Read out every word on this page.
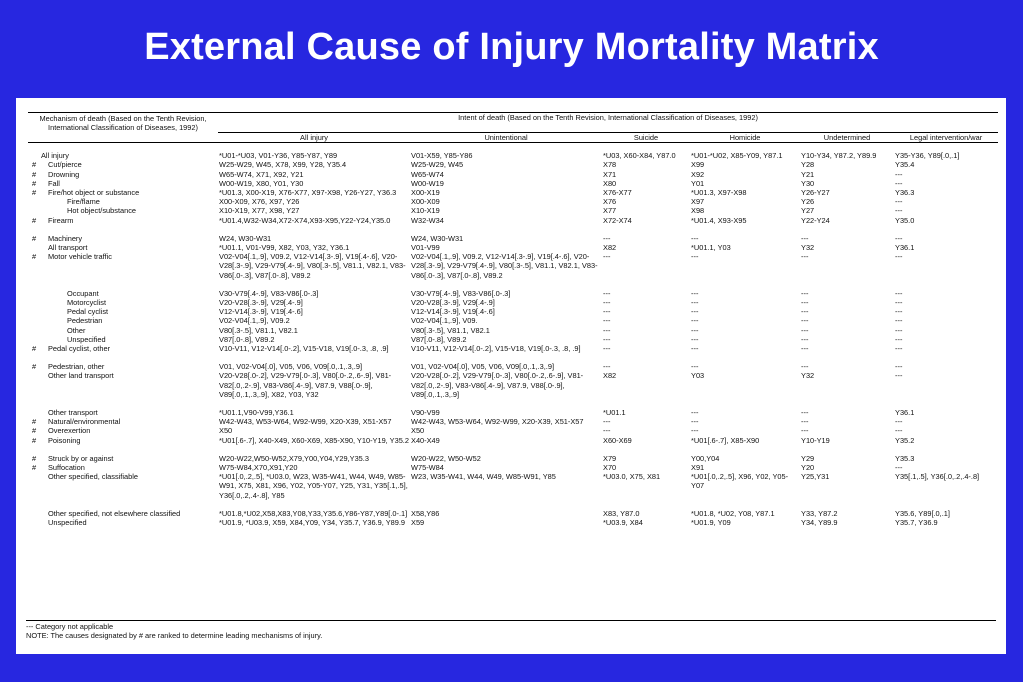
External Cause of Injury Mortality Matrix
Mechanism of death (Based on the Tenth Revision, International Classification of Diseases, 1992)		Intent of death (Based on the Tenth Revision, International Classification of Diseases, 1992)					
		All injury	Unintentional	Suicide	Homicide	Undetermined	Legal intervention/war
	All injury	*U01-*U03, V01-Y36, Y85-Y87, Y89	V01-X59, Y85-Y86	*U03, X60-X84, Y87.0	*U01-*U02, X85-Y09, Y87.1	Y10-Y34, Y87.2, Y89.9	Y35-Y36, Y89[.0,.1]
#	Cut/pierce	W25-W29, W45, X78, X99, Y28, Y35.4	W25-W29, W45	X78	X99	Y28	Y35.4
#	Drowning	W65-W74, X71, X92, Y21	W65-W74	X71	X92	Y21	---
#	Fall	W00-W19, X80, Y01, Y30	W00-W19	X80	Y01	Y30	---
#	Fire/hot object or substance	*U01.3, X00-X19, X76-X77, X97-X98, Y26-Y27, Y36.3	X00-X19	X76-X77	*U01.3, X97-X98	Y26-Y27	Y36.3
	Fire/flame	X00-X09, X76, X97, Y26	X00-X09	X76	X97	Y26	---
	Hot object/substance	X10-X19, X77, X98, Y27	X10-X19	X77	X98	Y27	---
#	Firearm	*U01.4,W32-W34,X72-X74,X93-X95,Y22-Y24,Y35.0	W32-W34	X72-X74	*U01.4, X93-X95	Y22-Y24	Y35.0

#	Machinery	W24, W30-W31	W24, W30-W31	---	---	---	---
	All transport	*U01.1, V01-V99, X82, Y03, Y32, Y36.1	V01-V99	X82	*U01.1, Y03	Y32	Y36.1
#	Motor vehicle traffic	V02-V04[.1,.9], V09.2, V12-V14[.3-.9], V19[.4-.6], V20-V28[.3-.9], V29-V79[.4-.9], V80[.3-.5], V81.1, V82.1, V83-V86[.0-.3], V87[.0-.8], V89.2	V02-V04[.1,.9], V09.2, V12-V14[.3-.9], V19[.4-.6], V20-V28[.3-.9], V29-V79[.4-.9], V80[.3-.5], V81.1, V82.1, V83-V86[.0-.3], V87[.0-.8], V89.2	---	---	---	---

	Occupant	V30-V79[.4-.9], V83-V86[.0-.3]	V30-V79[.4-.9], V83-V86[.0-.3]	---	---	---	---
	Motorcyclist	V20-V28[.3-.9], V29[.4-.9]	V20-V28[.3-.9], V29[.4-.9]	---	---	---	---
	Pedal cyclist	V12-V14[.3-.9], V19[.4-.6]	V12-V14[.3-.9], V19[.4-.6]	---	---	---	---
	Pedestrian	V02-V04[.1,.9], V09.2	V02-V04[.1,.9], V09.	---	---	---	---
	Other	V80[.3-.5], V81.1, V82.1	V80[.3-.5], V81.1, V82.1	---	---	---	---
	Unspecified	V87[.0-.8], V89.2	V87[.0-.8], V89.2	---	---	---	---
#	Pedal cyclist, other	V10-V11, V12-V14[.0-.2], V15-V18, V19[.0-.3, .8, .9]	V10-V11, V12-V14[.0-.2], V15-V18, V19[.0-.3, .8, .9]	---	---	---	---

#	Pedestrian, other	V01, V02-V04[.0], V05, V06, V09[.0,.1,.3,.9]	V01, V02-V04[.0], V05, V06, V09[.0,.1,.3,.9]	---	---	---	---
	Other land transport	V20-V28[.0-.2], V29-V79[.0-.3], V80[.0-.2,.6-.9], V81-V82[.0,.2-.9], V83-V86[.4-.9], V87.9, V88[.0-.9], V89[.0,.1,.3,.9], X82, Y03, Y32	V20-V28[.0-.2], V29-V79[.0-.3], V80[.0-.2,.6-.9], V81-V82[.0,.2-.9], V83-V86[.4-.9], V87.9, V88[.0-.9], V89[.0,.1,.3,.9]	X82	Y03	Y32	---

	Other transport	*U01.1,V90-V99,Y36.1	V90-V99	*U01.1	---	---	Y36.1
#	Natural/environmental	W42-W43, W53-W64, W92-W99, X20-X39, X51-X57	W42-W43, W53-W64, W92-W99, X20-X39, X51-X57	---	---	---	---
#	Overexertion	X50	X50	---	---	---	---
#	Poisoning	*U01[.6-.7], X40-X49, X60-X69, X85-X90, Y10-Y19, Y35.2	X40-X49	X60-X69	*U01[.6-.7], X85-X90	Y10-Y19	Y35.2

#	Struck by or against	W20-W22,W50-W52,X79,Y00,Y04,Y29,Y35.3	W20-W22, W50-W52	X79	Y00,Y04	Y29	Y35.3
#	Suffocation	W75-W84,X70,X91,Y20	W75-W84	X70	X91	Y20	---
	Other specified, classifiable	*U01[.0,.2,.5], *U03.0, W23, W35-W41, W44, W49, W85-W91, X75, X81, X96, Y02, Y05-Y07, Y25, Y31, Y35[.1,.5], Y36[.0,.2,.4-.8], Y85	W23, W35-W41, W44, W49, W85-W91, Y85	*U03.0, X75, X81	*U01[.0,.2,.5], X96, Y02, Y05-Y07	Y25,Y31	Y35[.1,.5], Y36[.0,.2,.4-.8]

	Other specified, not elsewhere classified	*U01.8,*U02,X58,X83,Y08,Y33,Y35.6,Y86-Y87,Y89[.0-.1]	X58,Y86	X83, Y87.0	*U01.8, *U02, Y08, Y87.1	Y33, Y87.2	Y35.6, Y89[.0,.1]
	Unspecified	*U01.9, *U03.9, X59, X84,Y09, Y34, Y35.7, Y36.9, Y89.9	X59	*U03.9, X84	*U01.9, Y09	Y34, Y89.9	Y35.7, Y36.9
--- Category not applicable
NOTE: The causes designated by # are ranked to determine leading mechanisms of injury.
